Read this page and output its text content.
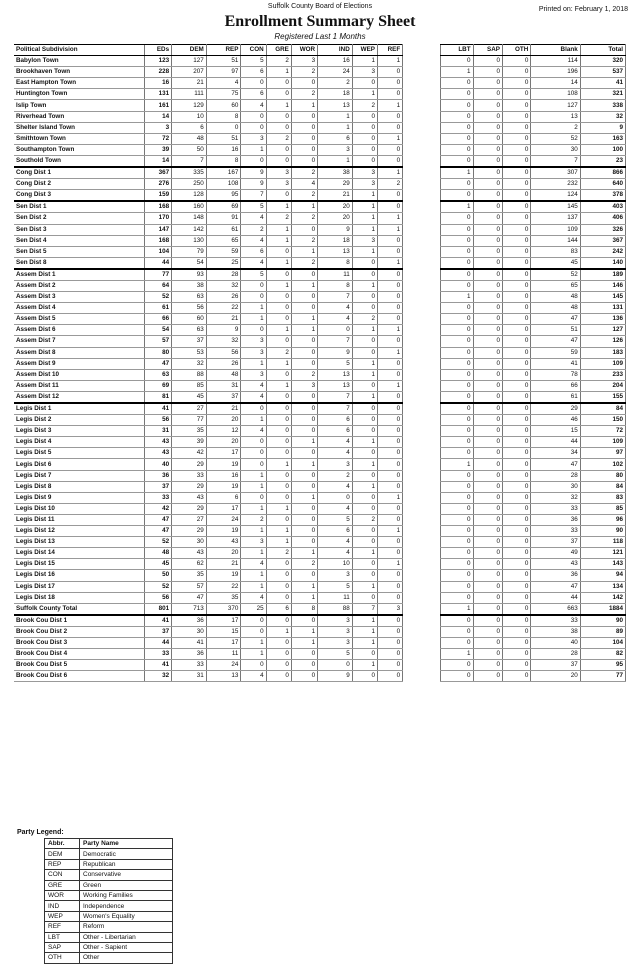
Suffolk County Board of Elections	Printed on: February 1, 2018
Enrollment Summary Sheet
Registered Last 1 Months
Political Subdivision	EDs	DEM	REP	CON	GRE	WOR	IND	WEP	REF		LBT	SAP	OTH	Blank	Total
Babylon Town	123	127	51	5	2	3	16	1	1		0	0	0	114	320
Brookhaven Town	228	207	97	6	1	2	24	3	0		1	0	0	196	537
East Hampton Town	16	21	4	0	0	0	2	0	0		0	0	0	14	41
Huntington Town	131	111	75	6	0	2	18	1	0		0	0	0	108	321
Islip Town	161	129	60	4	1	1	13	2	1		0	0	0	127	338
Riverhead Town	14	10	8	0	0	0	1	0	0		0	0	0	13	32
Shelter Island Town	3	6	0	0	0	0	1	0	0		0	0	0	2	9
Smithtown Town	72	48	51	3	2	0	6	0	1		0	0	0	52	163
Southampton Town	39	50	16	1	0	0	3	0	0		0	0	0	30	100
Southold Town	14	7	8	0	0	0	1	0	0		0	0	0	7	23
Cong Dist 1	367	335	167	9	3	2	38	3	1		1	0	0	307	866
Cong Dist 2	276	250	108	9	3	4	29	3	2		0	0	0	232	640
Cong Dist 3	159	128	95	7	0	2	21	1	0		0	0	0	124	378
Sen Dist 1	168	160	69	5	1	1	20	1	0		1	0	0	145	403
Sen Dist 2	170	148	91	4	2	2	20	1	1		0	0	0	137	406
Sen Dist 3	147	142	61	2	1	0	9	1	1		0	0	0	109	326
Sen Dist 4	168	130	65	4	1	2	18	3	0		0	0	0	144	367
Sen Dist 5	104	79	59	6	0	1	13	1	0		0	0	0	83	242
Sen Dist 8	44	54	25	4	1	2	8	0	1		0	0	0	45	140
Assem Dist 1	77	93	28	5	0	0	11	0	0		0	0	0	52	189
Assem Dist 2	64	38	32	0	1	1	8	1	0		0	0	0	65	146
Assem Dist 3	52	63	26	0	0	0	7	0	0		1	0	0	48	145
Assem Dist 4	61	56	22	1	0	0	4	0	0		0	0	0	48	131
Assem Dist 5	66	60	21	1	0	1	4	2	0		0	0	0	47	136
Assem Dist 6	54	63	9	0	1	1	0	1	1		0	0	0	51	127
Assem Dist 7	57	37	32	3	0	0	7	0	0		0	0	0	47	126
Assem Dist 8	80	53	56	3	2	0	9	0	1		0	0	0	59	183
Assem Dist 9	47	32	26	1	1	0	5	1	0		0	0	0	41	109
Assem Dist 10	63	88	48	3	0	2	13	1	0		0	0	0	78	233
Assem Dist 11	69	85	31	4	1	3	13	0	1		0	0	0	66	204
Assem Dist 12	81	45	37	4	0	0	7	1	0		0	0	0	61	155
Legis Dist 1	41	27	21	0	0	0	7	0	0		0	0	0	29	84
Legis Dist 2	56	77	20	1	0	0	6	0	0		0	0	0	46	150
Legis Dist 3	31	35	12	4	0	0	6	0	0		0	0	0	15	72
Legis Dist 4	43	39	20	0	0	1	4	1	0		0	0	0	44	109
Legis Dist 5	43	42	17	0	0	0	4	0	0		0	0	0	34	97
Legis Dist 6	40	29	19	0	1	1	3	1	0		1	0	0	47	102
Legis Dist 7	36	33	16	1	0	0	2	0	0		0	0	0	28	80
Legis Dist 8	37	29	19	1	0	0	4	1	0		0	0	0	30	84
Legis Dist 9	33	43	6	0	0	1	0	0	1		0	0	0	32	83
Legis Dist 10	42	29	17	1	1	0	4	0	0		0	0	0	33	85
Legis Dist 11	47	27	24	2	0	0	5	2	0		0	0	0	36	96
Legis Dist 12	47	29	19	1	1	0	6	0	1		0	0	0	33	90
Legis Dist 13	52	30	43	3	1	0	4	0	0		0	0	0	37	118
Legis Dist 14	48	43	20	1	2	1	4	1	0		0	0	0	49	121
Legis Dist 15	45	62	21	4	0	2	10	0	1		0	0	0	43	143
Legis Dist 16	50	35	19	1	0	0	3	0	0		0	0	0	36	94
Legis Dist 17	52	57	22	1	0	1	5	1	0		0	0	0	47	134
Legis Dist 18	56	47	35	4	0	1	11	0	0		0	0	0	44	142
Suffolk County Total	801	713	370	25	6	8	88	7	3		1	0	0	663	1884
Brook Cou Dist 1	41	36	17	0	0	0	3	1	0		0	0	0	33	90
Brook Cou Dist 2	37	30	15	0	1	1	3	1	0		0	0	0	38	89
Brook Cou Dist 3	44	41	17	1	0	1	3	1	0		0	0	0	40	104
Brook Cou Dist 4	33	36	11	1	0	0	5	0	0		1	0	0	28	82
Brook Cou Dist 5	41	33	24	0	0	0	0	1	0		0	0	0	37	95
Brook Cou Dist 6	32	31	13	4	0	0	9	0	0		0	0	0	20	77
Party Legend:
Abbr.	Party Name
DEM	Democratic
REP	Republican
CON	Conservative
GRE	Green
WOR	Working Families
IND	Independence
WEP	Women's Equality
REF	Reform
LBT	Other - Libertarian
SAP	Other - Sapient
OTH	Other
